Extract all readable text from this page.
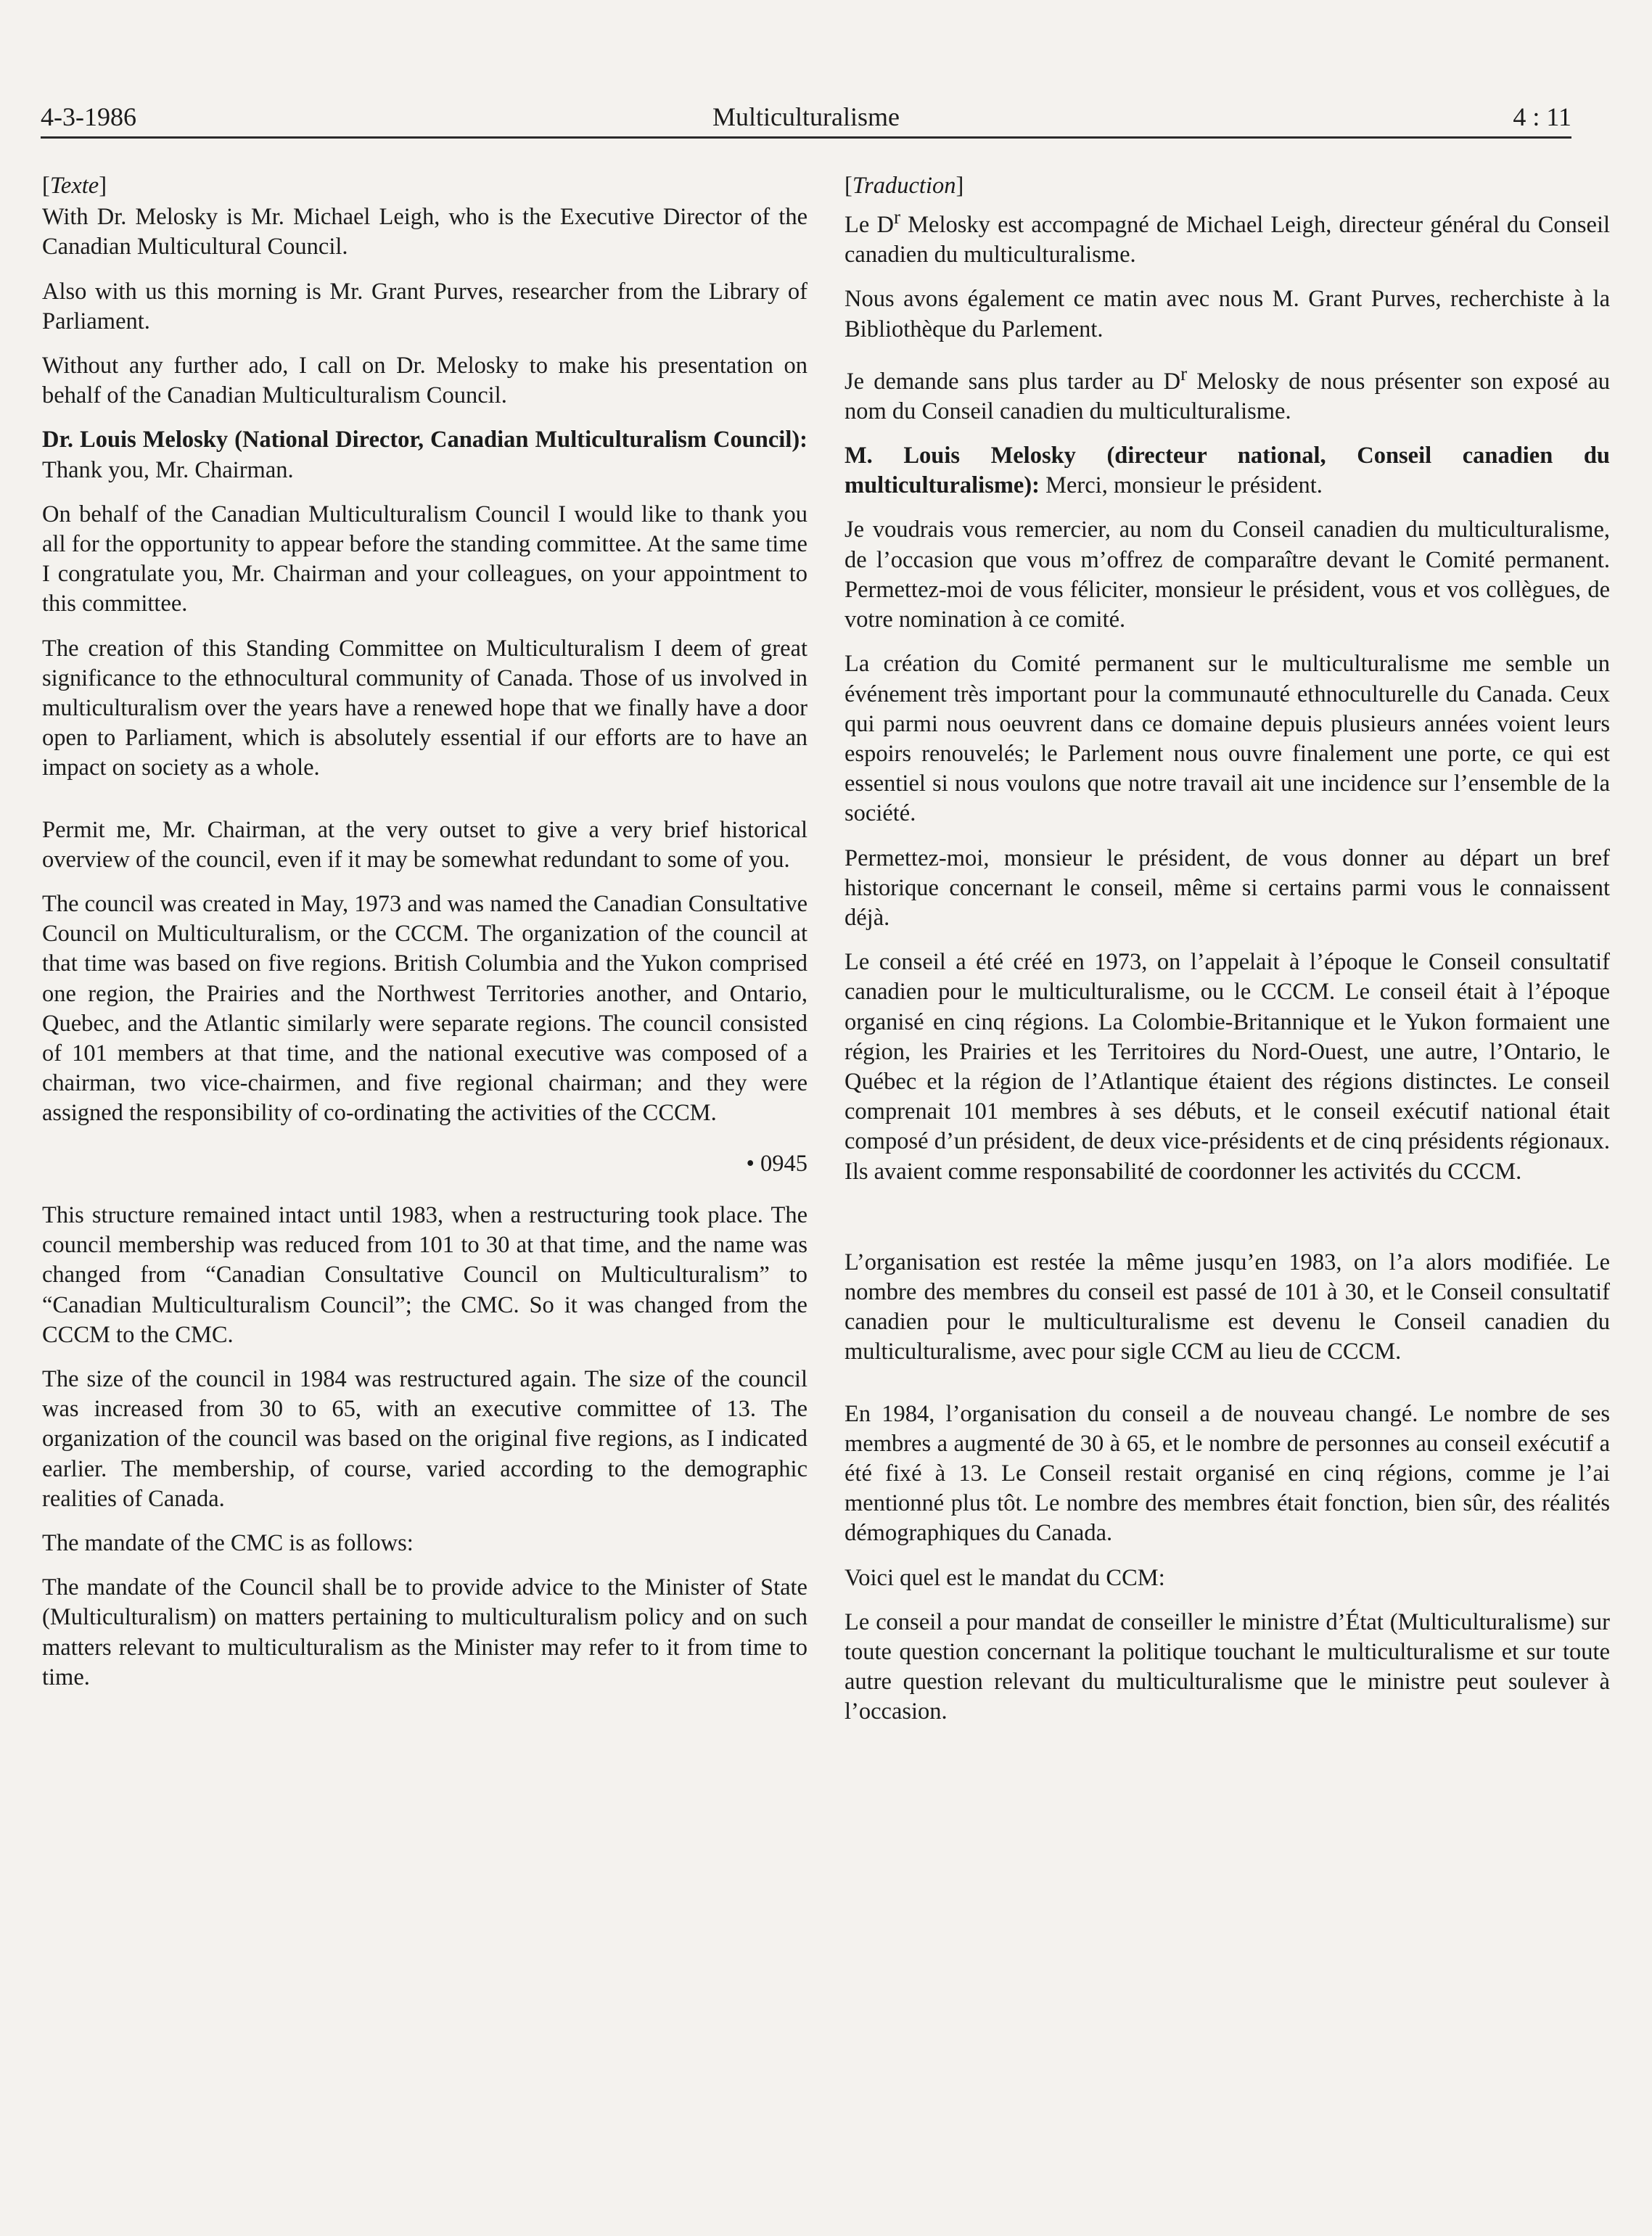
4-3-1986	Multiculturalisme	4 : 11

[Texte]

With Dr. Melosky is Mr. Michael Leigh, who is the Executive Director of the Canadian Multicultural Council.

Also with us this morning is Mr. Grant Purves, researcher from the Library of Parliament.

Without any further ado, I call on Dr. Melosky to make his presentation on behalf of the Canadian Multiculturalism Council.

Dr. Louis Melosky (National Director, Canadian Multiculturalism Council): Thank you, Mr. Chairman.

On behalf of the Canadian Multiculturalism Council I would like to thank you all for the opportunity to appear before the standing committee. At the same time I congratulate you, Mr. Chairman and your colleagues, on your appointment to this committee.

The creation of this Standing Committee on Multiculturalism I deem of great significance to the ethnocultural community of Canada. Those of us involved in multiculturalism over the years have a renewed hope that we finally have a door open to Parliament, which is absolutely essential if our efforts are to have an impact on society as a whole.

Permit me, Mr. Chairman, at the very outset to give a very brief historical overview of the council, even if it may be somewhat redundant to some of you.

The council was created in May, 1973 and was named the Canadian Consultative Council on Multiculturalism, or the CCCM. The organization of the council at that time was based on five regions. British Columbia and the Yukon comprised one region, the Prairies and the Northwest Territories another, and Ontario, Quebec, and the Atlantic similarly were separate regions. The council consisted of 101 members at that time, and the national executive was composed of a chairman, two vice-chairmen, and five regional chairman; and they were assigned the responsibility of co-ordinating the activities of the CCCM.

• 0945

This structure remained intact until 1983, when a restructuring took place. The council membership was reduced from 101 to 30 at that time, and the name was changed from “Canadian Consultative Council on Multiculturalism” to “Canadian Multiculturalism Council”; the CMC. So it was changed from the CCCM to the CMC.

The size of the council in 1984 was restructured again. The size of the council was increased from 30 to 65, with an executive committee of 13. The organization of the council was based on the original five regions, as I indicated earlier. The membership, of course, varied according to the demographic realities of Canada.

The mandate of the CMC is as follows:

The mandate of the Council shall be to provide advice to the Minister of State (Multiculturalism) on matters pertaining to multiculturalism policy and on such matters relevant to multiculturalism as the Minister may refer to it from time to time.

[Traduction]

Le $D^r$ Melosky est accompagné de Michael Leigh, directeur général du Conseil canadien du multiculturalisme.

Nous avons également ce matin avec nous M. Grant Purves, recherchiste à la Bibliothèque du Parlement.

Je demande sans plus tarder au $D^r$ Melosky de nous présenter son exposé au nom du Conseil canadien du multiculturalisme.

M. Louis Melosky (directeur national, Conseil canadien du multiculturalisme): Merci, monsieur le président.

Je voudrais vous remercier, au nom du Conseil canadien du multiculturalisme, de l’occasion que vous m’offrez de comparaître devant le Comité permanent. Permettez-moi de vous féliciter, monsieur le président, vous et vos collègues, de votre nomination à ce comité.

La création du Comité permanent sur le multiculturalisme me semble un événement très important pour la communauté ethnoculturelle du Canada. Ceux qui parmi nous oeuvrent dans ce domaine depuis plusieurs années voient leurs espoirs renouvelés; le Parlement nous ouvre finalement une porte, ce qui est essentiel si nous voulons que notre travail ait une incidence sur l’ensemble de la société.

Permettez-moi, monsieur le président, de vous donner au départ un bref historique concernant le conseil, même si certains parmi vous le connaissent déjà.

Le conseil a été créé en 1973, on l’appelait à l’époque le Conseil consultatif canadien pour le multiculturalisme, ou le CCCM. Le conseil était à l’époque organisé en cinq régions. La Colombie-Britannique et le Yukon formaient une région, les Prairies et les Territoires du Nord-Ouest, une autre, l’Ontario, le Québec et la région de l’Atlantique étaient des régions distinctes. Le conseil comprenait 101 membres à ses débuts, et le conseil exécutif national était composé d’un président, de deux vice-présidents et de cinq présidents régionaux. Ils avaient comme responsabilité de coordonner les activités du CCCM.

L’organisation est restée la même jusqu’en 1983, on l’a alors modifiée. Le nombre des membres du conseil est passé de 101 à 30, et le Conseil consultatif canadien pour le multiculturalisme est devenu le Conseil canadien du multiculturalisme, avec pour sigle CCM au lieu de CCCM.

En 1984, l’organisation du conseil a de nouveau changé. Le nombre de ses membres a augmenté de 30 à 65, et le nombre de personnes au conseil exécutif a été fixé à 13. Le Conseil restait organisé en cinq régions, comme je l’ai mentionné plus tôt. Le nombre des membres était fonction, bien sûr, des réalités démographiques du Canada.

Voici quel est le mandat du CCM:

Le conseil a pour mandat de conseiller le ministre d’État (Multiculturalisme) sur toute question concernant la politique touchant le multiculturalisme et sur toute autre question relevant du multiculturalisme que le ministre peut soulever à l’occasion.
